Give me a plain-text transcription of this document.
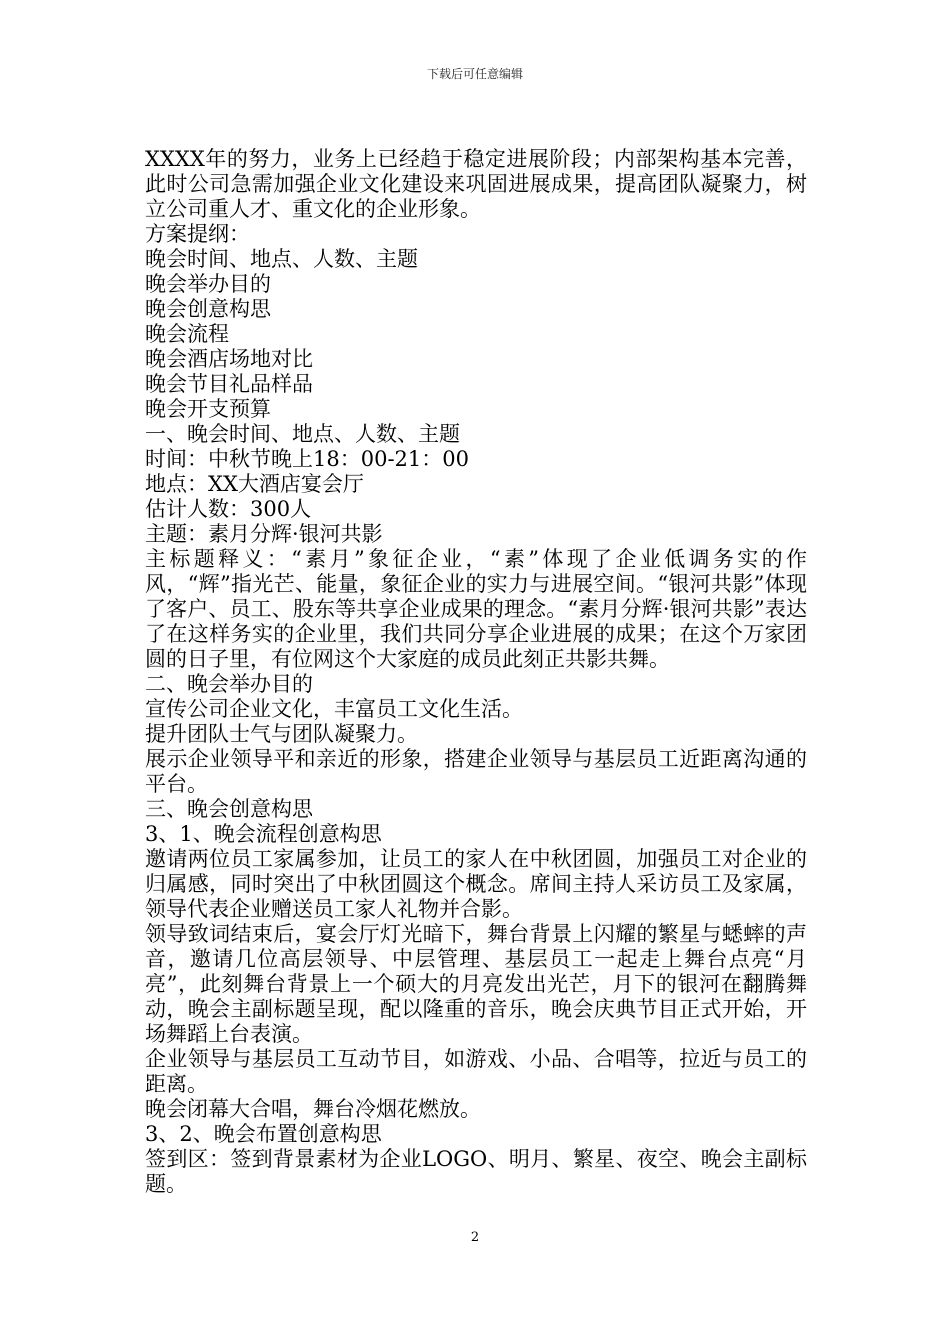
下载后可任意编辑

XXXX年的努力，业务上已经趋于稳定进展阶段；内部架构基本完善，此时公司急需加强企业文化建设来巩固进展成果，提高团队凝聚力，树立公司重人才、重文化的企业形象。

方案提纲：

晚会时间、地点、人数、主题

晚会举办目的

晚会创意构思

晚会流程

晚会酒店场地对比

晚会节目礼品样品

晚会开支预算

一、晚会时间、地点、人数、主题

时间：中秋节晚上18：00-21：00

地点：XX大酒店宴会厅

估计人数：300人

主题：素月分辉·银河共影

主标题释义：“素月”象征企业，“素”体现了企业低调务实的作风，“辉”指光芒、能量，象征企业的实力与进展空间。“银河共影”体现了客户、员工、股东等共享企业成果的理念。“素月分辉·银河共影”表达了在这样务实的企业里，我们共同分享企业进展的成果；在这个万家团圆的日子里，有位网这个大家庭的成员此刻正共影共舞。

二、晚会举办目的

宣传公司企业文化，丰富员工文化生活。

提升团队士气与团队凝聚力。

展示企业领导平和亲近的形象，搭建企业领导与基层员工近距离沟通的平台。

三、晚会创意构思

3、1、晚会流程创意构思

邀请两位员工家属参加，让员工的家人在中秋团圆，加强员工对企业的归属感，同时突出了中秋团圆这个概念。席间主持人采访员工及家属，领导代表企业赠送员工家人礼物并合影。

领导致词结束后，宴会厅灯光暗下，舞台背景上闪耀的繁星与蟋蟀的声音，邀请几位高层领导、中层管理、基层员工一起走上舞台点亮“月亮”，此刻舞台背景上一个硕大的月亮发出光芒，月下的银河在翻腾舞动，晚会主副标题呈现，配以隆重的音乐，晚会庆典节目正式开始，开场舞蹈上台表演。

企业领导与基层员工互动节目，如游戏、小品、合唱等，拉近与员工的距离。

晚会闭幕大合唱，舞台冷烟花燃放。

3、2、晚会布置创意构思

签到区：签到背景素材为企业LOGO、明月、繁星、夜空、晚会主副标题。

2
